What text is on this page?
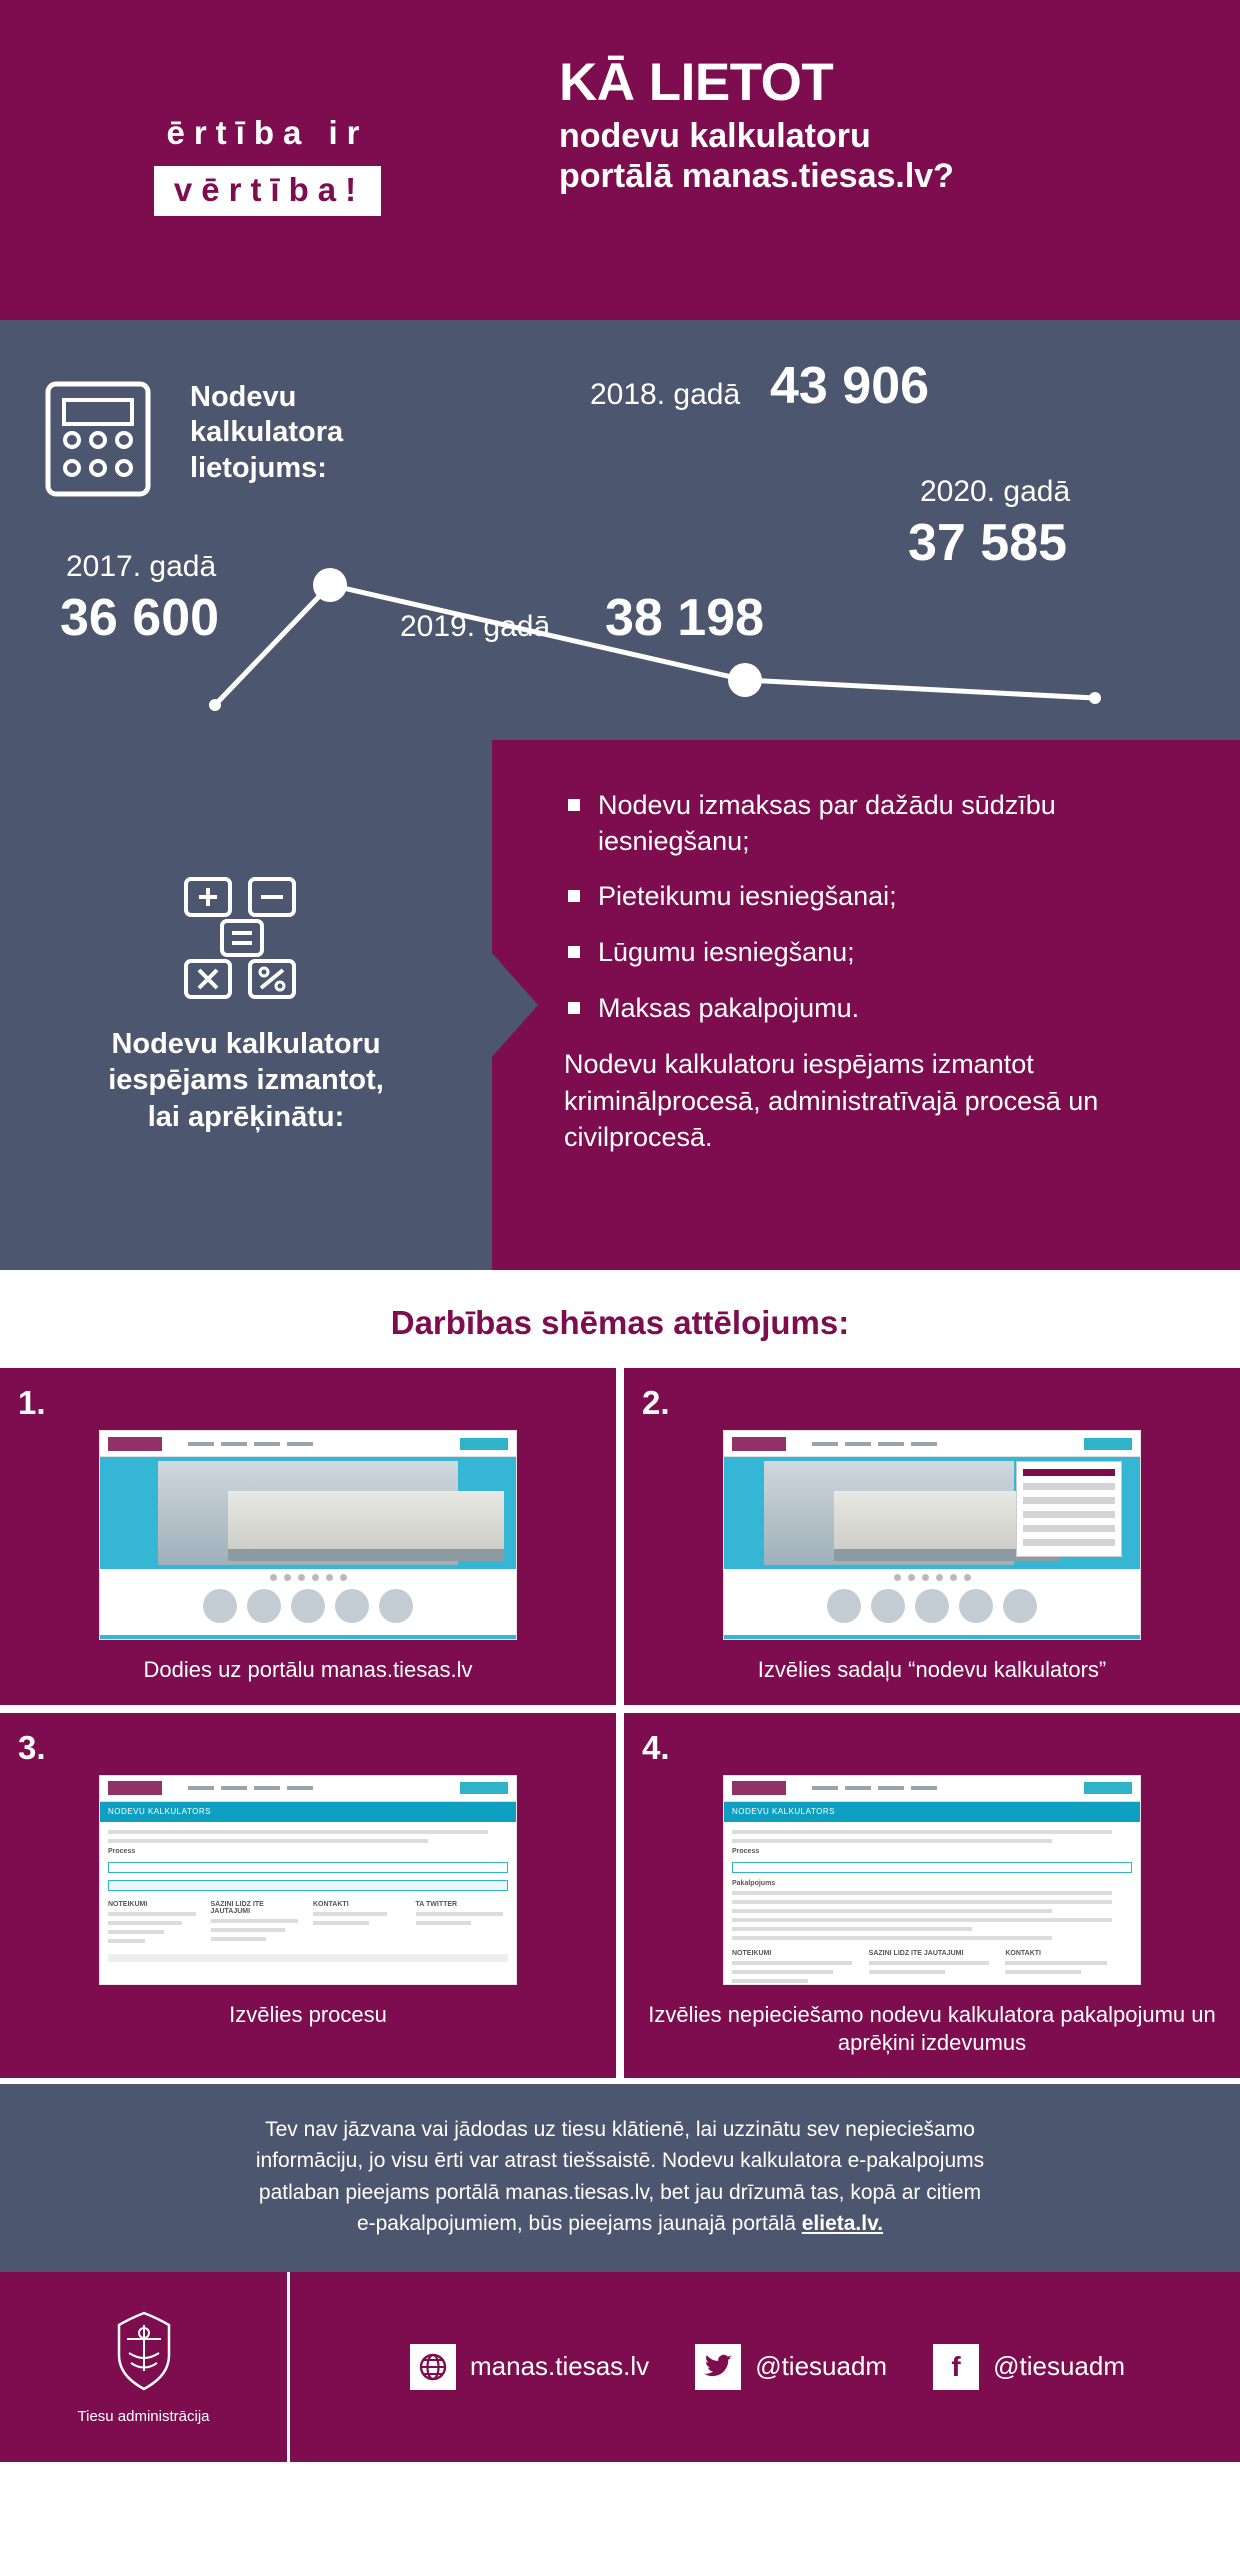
ērtība ir
vērtība!
KĀ LIETOT
nodevu kalkulatoru
portālā manas.tiesas.lv?
Nodevu
kalkulatora
lietojums:
2017. gadā
36 600
2018. gadā 43 906
2019. gadā 38 198
2020. gadā
37 585
Nodevu kalkulatoru
iespējams izmantot,
lai aprēķinātu:
Nodevu izmaksas par dažādu sūdzību iesniegšanu;
Pieteikumu iesniegšanai;
Lūgumu iesniegšanu;
Maksas pakalpojumu.
Nodevu kalkulatoru iespējams izmantot kriminālprocesā, administratīvajā procesā un civilprocesā.
Darbības shēmas attēlojums:
1.
Dodies uz portālu manas.tiesas.lv
2.
Izvēlies sadaļu “nodevu kalkulators”
3.
NODEVU KALKULATORS
Process
NOTEIKUMI	SAZINI LIDZ ITE JAUTAJUMI
KONTAKTI	TA TWITTER
Izvēlies procesu
4.
NODEVU KALKULATORS
Process
Pakalpojums
NOTEIKUMI	SAZINI LIDZ ITE JAUTAJUMI	KONTAKTI
Izvēlies nepieciešamo nodevu kalkulatora pakalpojumu un aprēķini izdevumus

Tev nav jāzvana vai jādodas uz tiesu klātienē, lai uzzinātu sev nepieciešamo
informāciju, jo visu ērti var atrast tiešsaistē. Nodevu kalkulatora e-pakalpojums
patlaban pieejams portālā manas.tiesas.lv, bet jau drīzumā tas, kopā ar citiem
e-pakalpojumiem, būs pieejams jaunajā portālā elieta.lv.

Tiesu administrācija
manas.tiesas.lv	@tiesuadm	f	@tiesuadm
